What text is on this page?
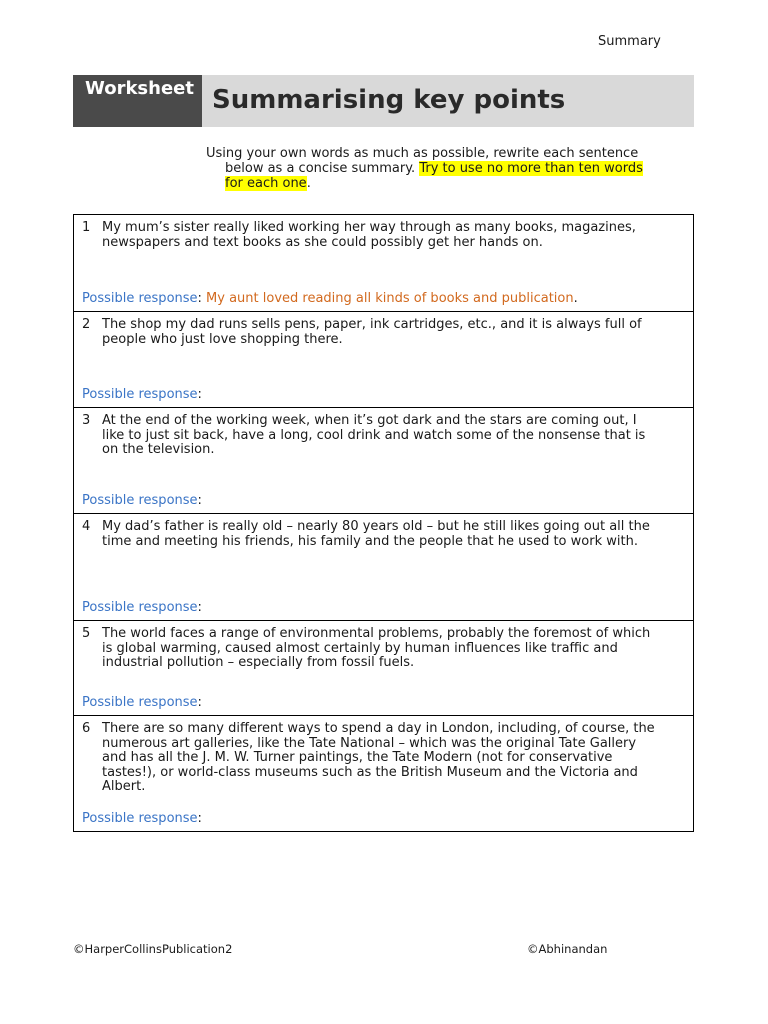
Summary
Worksheet Summarising key points
Using your own words as much as possible, rewrite each sentence
below as a concise summary. Try to use no more than ten words
for each one.
1 My mum’s sister really liked working her way through as many books, magazines, newspapers and text books as she could possibly get her hands on.
Possible response: My aunt loved reading all kinds of books and publication.
2 The shop my dad runs sells pens, paper, ink cartridges, etc., and it is always full of people who just love shopping there.
Possible response:
3 At the end of the working week, when it’s got dark and the stars are coming out, I like to just sit back, have a long, cool drink and watch some of the nonsense that is on the television.
Possible response:
4 My dad’s father is really old – nearly 80 years old – but he still likes going out all the time and meeting his friends, his family and the people that he used to work with.
Possible response:
5 The world faces a range of environmental problems, probably the foremost of which is global warming, caused almost certainly by human influences like traffic and industrial pollution – especially from fossil fuels.
Possible response:
6 There are so many different ways to spend a day in London, including, of course, the numerous art galleries, like the Tate National – which was the original Tate Gallery and has all the J. M. W. Turner paintings, the Tate Modern (not for conservative tastes!), or world-class museums such as the British Museum and the Victoria and Albert.
Possible response:
©HarperCollinsPublication2	©Abhinandan
